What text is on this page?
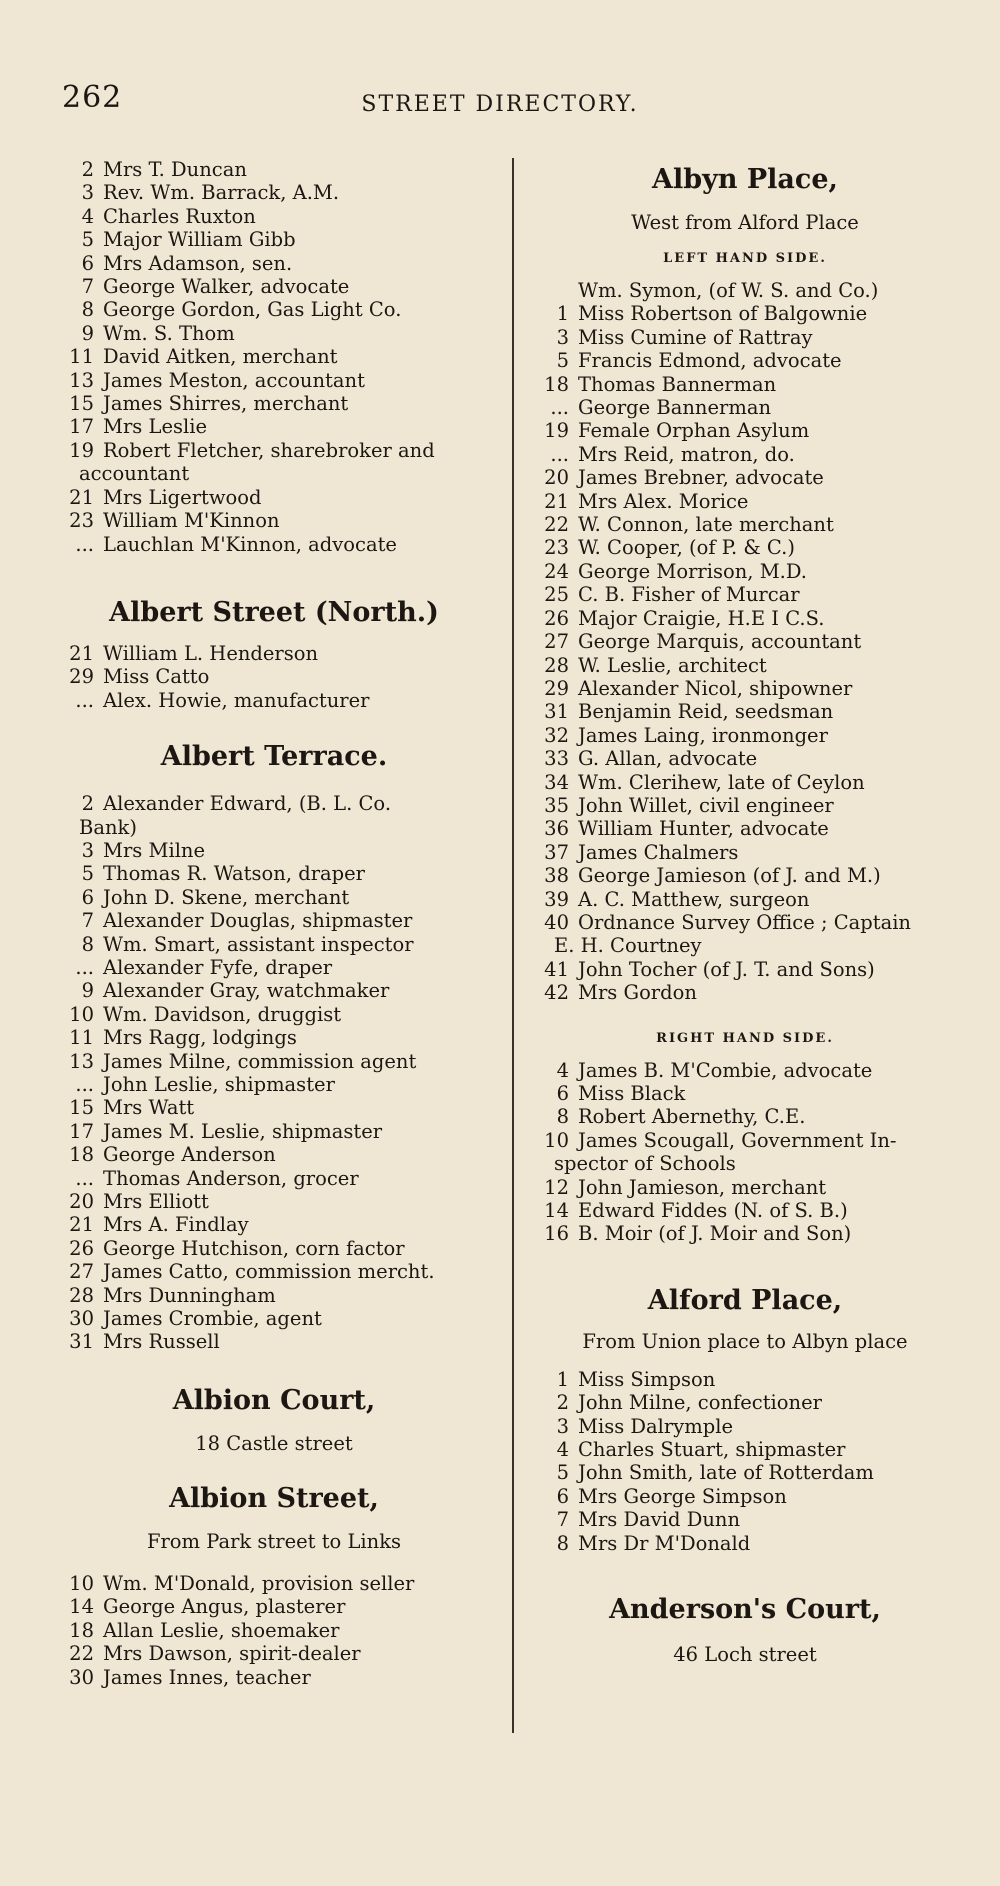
262	STREET DIRECTORY.
2 Mrs T. Duncan
3 Rev. Wm. Barrack, A.M.
4 Charles Ruxton
5 Major William Gibb
6 Mrs Adamson, sen.
7 George Walker, advocate
8 George Gordon, Gas Light Co.
9 Wm. S. Thom
11 David Aitken, merchant
13 James Meston, accountant
15 James Shirres, merchant
17 Mrs Leslie
19 Robert Fletcher, sharebroker and
accountant
21 Mrs Ligertwood
23 William M'Kinnon
... Lauchlan M'Kinnon, advocate
Albert Street (North.)
21 William L. Henderson
29 Miss Catto
... Alex. Howie, manufacturer
Albert Terrace.
2 Alexander Edward, (B. L. Co.
Bank)
3 Mrs Milne
5 Thomas R. Watson, draper
6 John D. Skene, merchant
7 Alexander Douglas, shipmaster
8 Wm. Smart, assistant inspector
... Alexander Fyfe, draper
9 Alexander Gray, watchmaker
10 Wm. Davidson, druggist
11 Mrs Ragg, lodgings
13 James Milne, commission agent
... John Leslie, shipmaster
15 Mrs Watt
17 James M. Leslie, shipmaster
18 George Anderson
... Thomas Anderson, grocer
20 Mrs Elliott
21 Mrs A. Findlay
26 George Hutchison, corn factor
27 James Catto, commission mercht.
28 Mrs Dunningham
30 James Crombie, agent
31 Mrs Russell
Albion Court,
18 Castle street
Albion Street,
From Park street to Links
10 Wm. M'Donald, provision seller
14 George Angus, plasterer
18 Allan Leslie, shoemaker
22 Mrs Dawson, spirit-dealer
30 James Innes, teacher
Albyn Place,
West from Alford Place
LEFT HAND SIDE.
Wm. Symon, (of W. S. and Co.)
1 Miss Robertson of Balgownie
3 Miss Cumine of Rattray
5 Francis Edmond, advocate
18 Thomas Bannerman
... George Bannerman
19 Female Orphan Asylum
... Mrs Reid, matron, do.
20 James Brebner, advocate
21 Mrs Alex. Morice
22 W. Connon, late merchant
23 W. Cooper, (of P. & C.)
24 George Morrison, M.D.
25 C. B. Fisher of Murcar
26 Major Craigie, H.E I C.S.
27 George Marquis, accountant
28 W. Leslie, architect
29 Alexander Nicol, shipowner
31 Benjamin Reid, seedsman
32 James Laing, ironmonger
33 G. Allan, advocate
34 Wm. Clerihew, late of Ceylon
35 John Willet, civil engineer
36 William Hunter, advocate
37 James Chalmers
38 George Jamieson (of J. and M.)
39 A. C. Matthew, surgeon
40 Ordnance Survey Office ; Captain
E. H. Courtney
41 John Tocher (of J. T. and Sons)
42 Mrs Gordon
RIGHT HAND SIDE.
4 James B. M'Combie, advocate
6 Miss Black
8 Robert Abernethy, C.E.
10 James Scougall, Government In-
spector of Schools
12 John Jamieson, merchant
14 Edward Fiddes (N. of S. B.)
16 B. Moir (of J. Moir and Son)
Alford Place,
From Union place to Albyn place
1 Miss Simpson
2 John Milne, confectioner
3 Miss Dalrymple
4 Charles Stuart, shipmaster
5 John Smith, late of Rotterdam
6 Mrs George Simpson
7 Mrs David Dunn
8 Mrs Dr M'Donald
Anderson's Court,
46 Loch street
